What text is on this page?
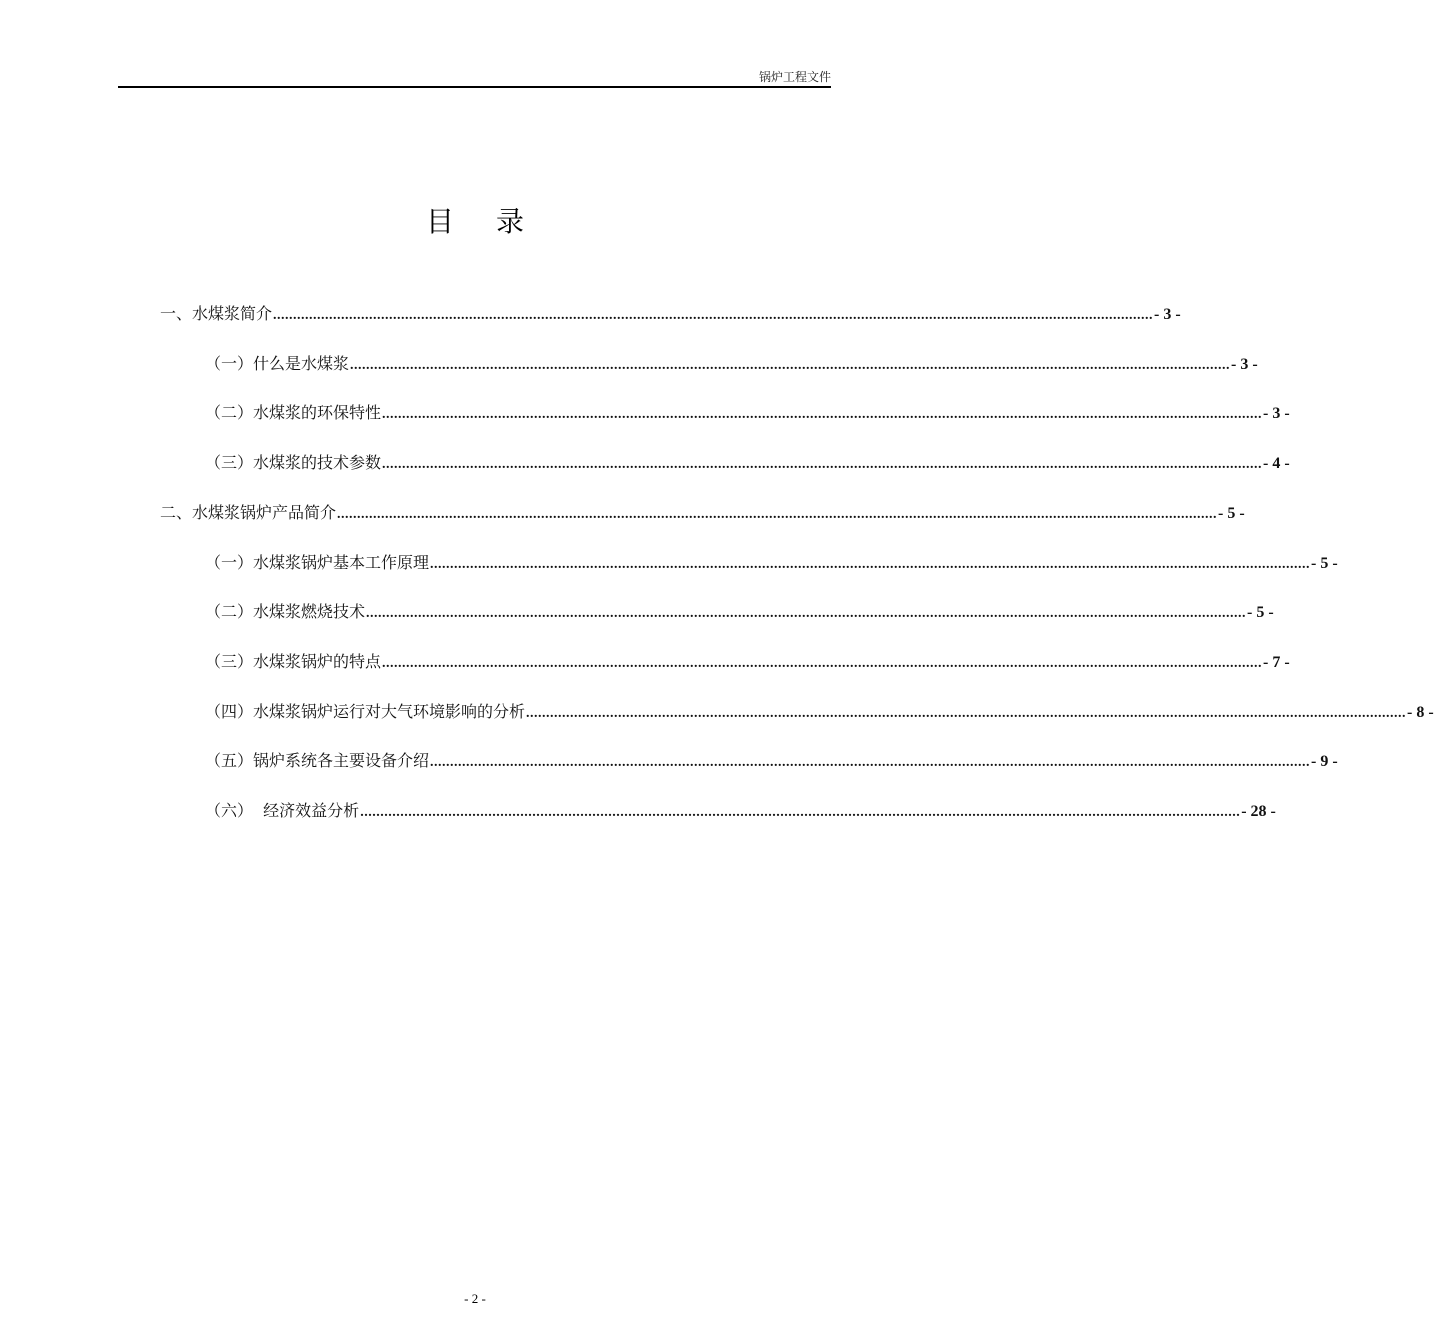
锅炉工程文件
目录
一、水煤浆简介 ............................................................................................................................................................................................................................ - 3 -
（一）什么是水煤浆 ............................................................................................................................................................................................................................ - 3 -
（二）水煤浆的环保特性 ............................................................................................................................................................................................................................ - 3 -
（三）水煤浆的技术参数 ............................................................................................................................................................................................................................ - 4 -
二、水煤浆锅炉产品简介 ............................................................................................................................................................................................................................ - 5 -
（一）水煤浆锅炉基本工作原理 ............................................................................................................................................................................................................................ - 5 -
（二）水煤浆燃烧技术 ............................................................................................................................................................................................................................ - 5 -
（三）水煤浆锅炉的特点 ............................................................................................................................................................................................................................ - 7 -
（四）水煤浆锅炉运行对大气环境影响的分析 ............................................................................................................................................................................................................................ - 8 -
（五）锅炉系统各主要设备介绍 ............................................................................................................................................................................................................................ - 9 -
（六）  经济效益分析 ............................................................................................................................................................................................................................ - 28 -
- 2 -
